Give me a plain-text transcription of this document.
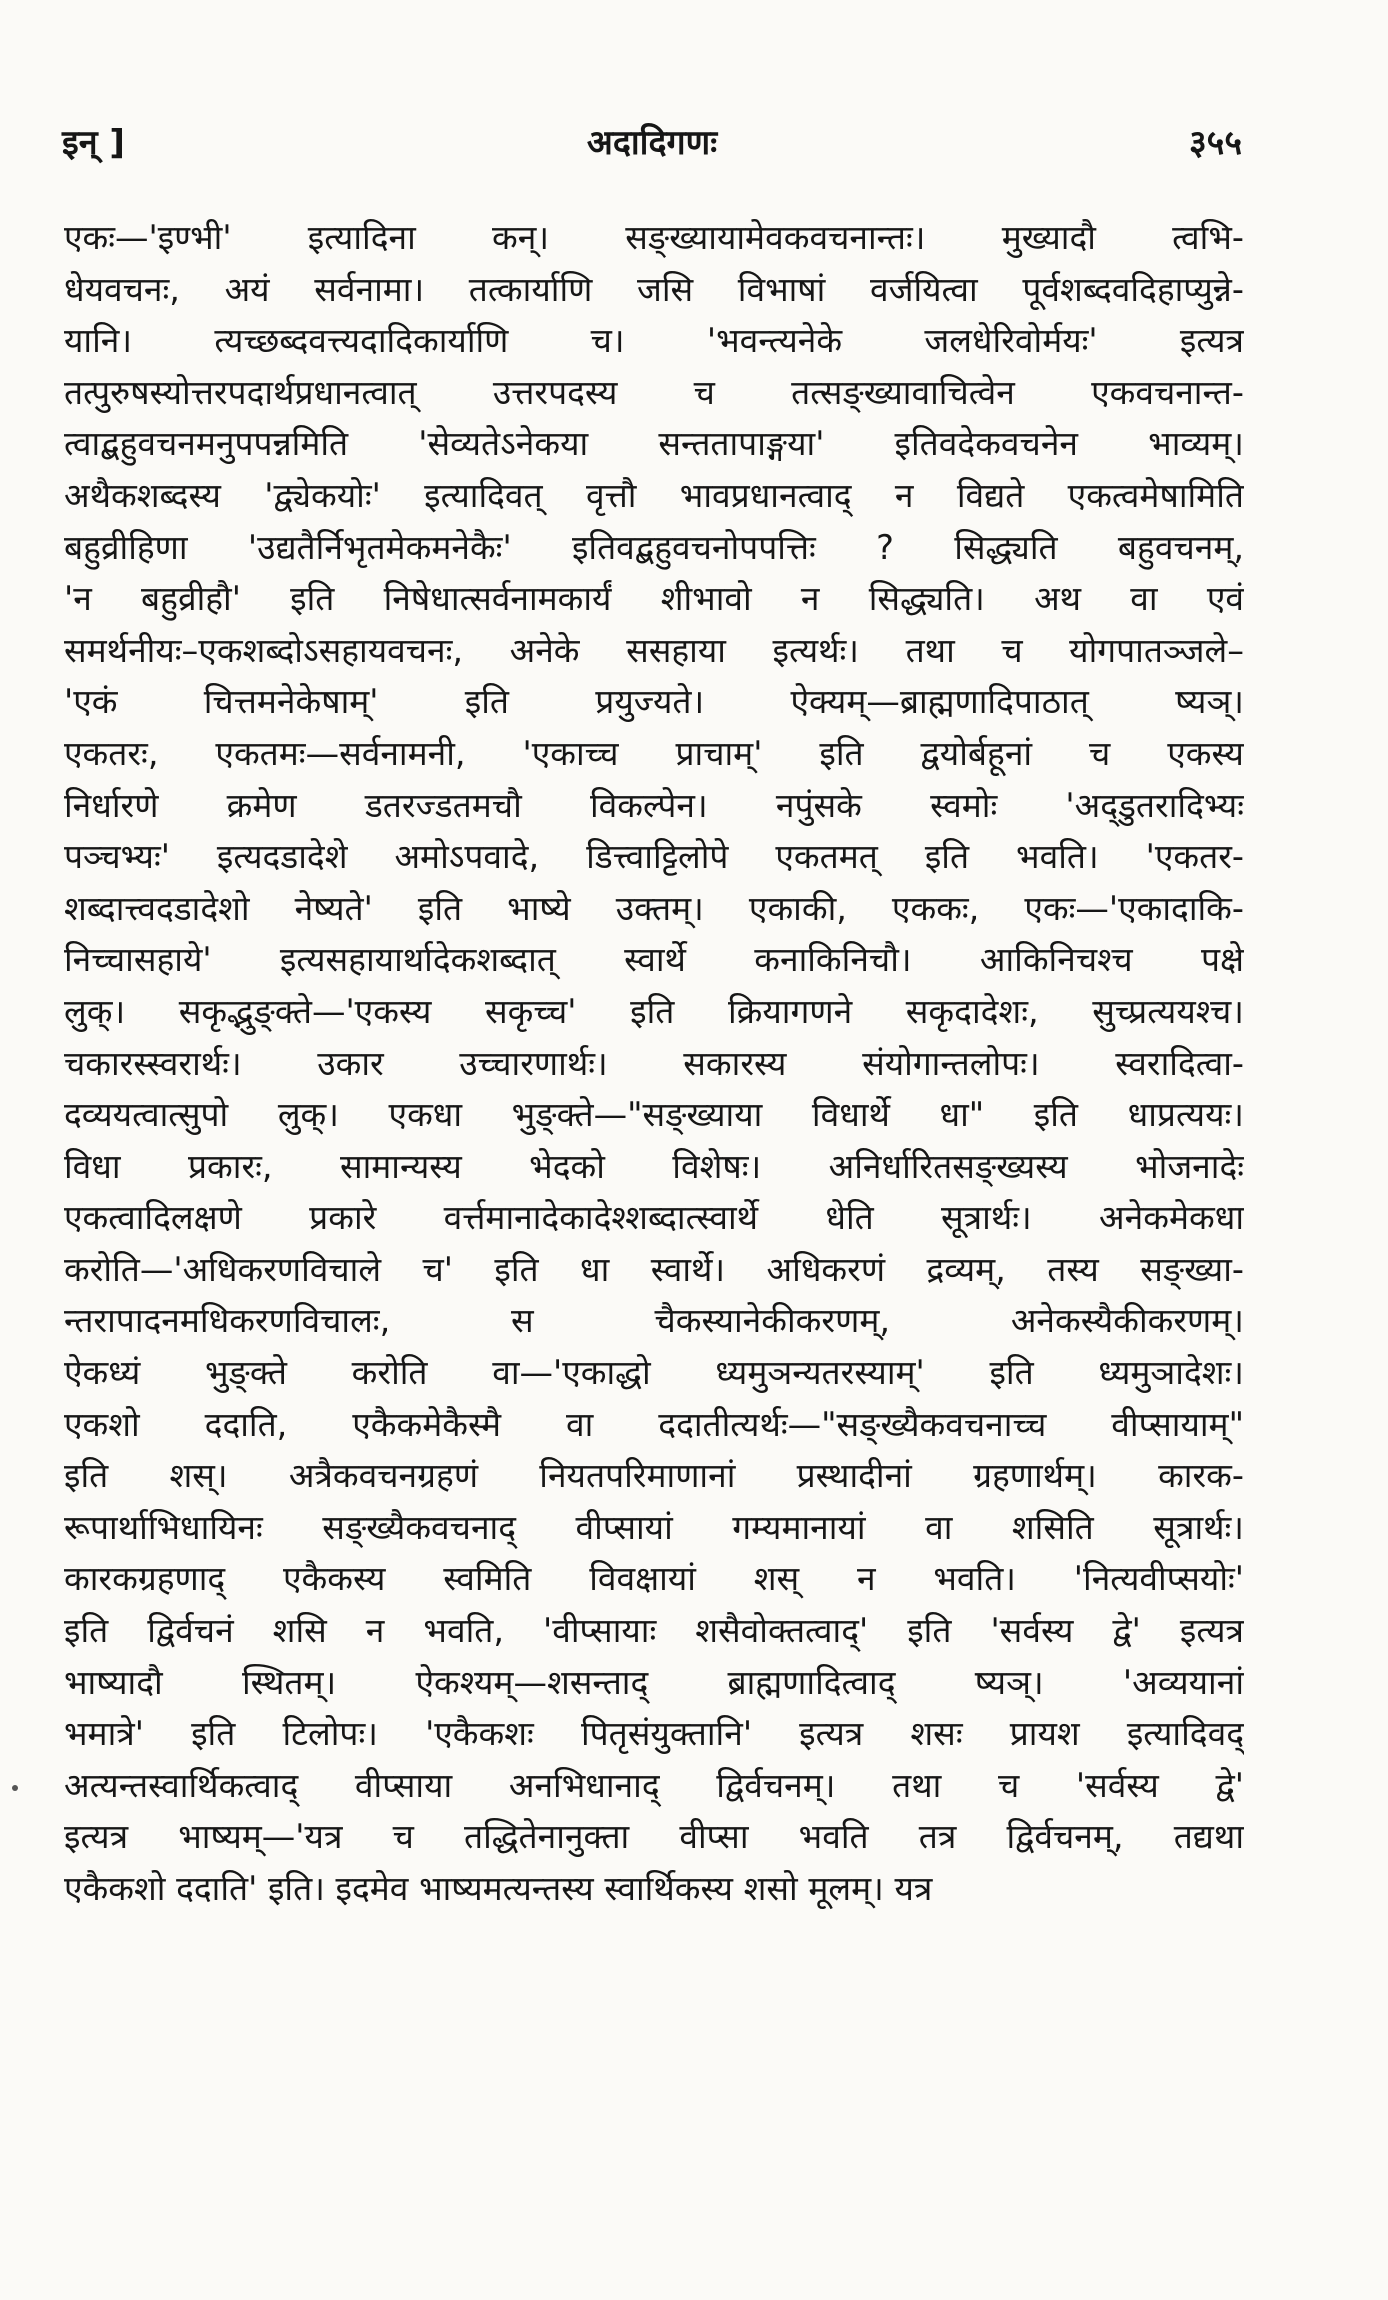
इन् ]	अदादिगणः	३५५
एकः—'इण्भी' इत्यादिना कन्। सङ्ख्यायामेवकवचनान्तः। मुख्यादौ त्वभि-
धेयवचनः, अयं सर्वनामा। तत्कार्याणि जसि विभाषां वर्जयित्वा पूर्वशब्दवदिहाप्युन्ने-
यानि। त्यच्छब्दवत्त्यदादिकार्याणि च। 'भवन्त्यनेके जलधेरिवोर्मयः' इत्यत्र
तत्पुरुषस्योत्तरपदार्थप्रधानत्वात् उत्तरपदस्य च तत्सङ्ख्यावाचित्वेन एकवचनान्त-
त्वाद्बहुवचनमनुपपन्नमिति 'सेव्यतेऽनेकया सन्ततापाङ्गया' इतिवदेकवचनेन भाव्यम्।
अथैकशब्दस्य 'द्व्येकयोः' इत्यादिवत् वृत्तौ भावप्रधानत्वाद् न विद्यते एकत्वमेषामिति
बहुव्रीहिणा 'उद्यतैर्निभृतमेकमनेकैः' इतिवद्बहुवचनोपपत्तिः ? सिद्ध्यति बहुवचनम्,
'न बहुव्रीहौ' इति निषेधात्सर्वनामकार्यं शीभावो न सिद्ध्यति। अथ वा एवं
समर्थनीयः–एकशब्दोऽसहायवचनः, अनेके ससहाया इत्यर्थः। तथा च योगपातञ्जले–
'एकं चित्तमनेकेषाम्' इति प्रयुज्यते। ऐक्यम्—ब्राह्मणादिपाठात् ष्यञ्।
एकतरः, एकतमः—सर्वनामनी, 'एकाच्च प्राचाम्' इति द्वयोर्बहूनां च एकस्य
निर्धारणे क्रमेण डतरज्डतमचौ विकल्पेन। नपुंसके स्वमोः 'अद्डुतरादिभ्यः
पञ्चभ्यः' इत्यदडादेशे अमोऽपवादे, डित्त्वाट्टिलोपे एकतमत् इति भवति। 'एकतर-
शब्दात्त्वदडादेशो नेष्यते' इति भाष्ये उक्तम्। एकाकी, एककः, एकः—'एकादाकि-
निच्चासहाये' इत्यसहायार्थादेकशब्दात् स्वार्थे कनाकिनिचौ। आकिनिचश्च पक्षे
लुक्। सकृद्भुङ्क्ते—'एकस्य सकृच्च' इति क्रियागणने सकृदादेशः, सुच्प्रत्ययश्च।
चकारस्स्वरार्थः। उकार उच्चारणार्थः। सकारस्य संयोगान्तलोपः। स्वरादित्वा-
दव्ययत्वात्सुपो लुक्। एकधा भुङ्क्ते—"सङ्ख्याया विधार्थे धा" इति धाप्रत्ययः।
विधा प्रकारः, सामान्यस्य भेदको विशेषः। अनिर्धारितसङ्ख्यस्य भोजनादेः
एकत्वादिलक्षणे प्रकारे वर्त्तमानादेकादेश्शब्दात्स्वार्थे धेति सूत्रार्थः। अनेकमेकधा
करोति—'अधिकरणविचाले च' इति धा स्वार्थे। अधिकरणं द्रव्यम्, तस्य सङ्ख्या-
न्तरापादनमधिकरणविचालः, स चैकस्यानेकीकरणम्, अनेकस्यैकीकरणम्।
ऐकध्यं भुङ्क्ते करोति वा—'एकाद्धो ध्यमुञन्यतरस्याम्' इति ध्यमुञादेशः।
एकशो ददाति, एकैकमेकैस्मै वा ददातीत्यर्थः—"सङ्ख्यैकवचनाच्च वीप्सायाम्"
इति शस्। अत्रैकवचनग्रहणं नियतपरिमाणानां प्रस्थादीनां ग्रहणार्थम्। कारक-
रूपार्थाभिधायिनः सङ्ख्यैकवचनाद् वीप्सायां गम्यमानायां वा शसिति सूत्रार्थः।
कारकग्रहणाद् एकैकस्य स्वमिति विवक्षायां शस् न भवति। 'नित्यवीप्सयोः'
इति द्विर्वचनं शसि न भवति, 'वीप्सायाः शसैवोक्तत्वाद्' इति 'सर्वस्य द्वे' इत्यत्र
भाष्यादौ स्थितम्। ऐकश्यम्—शसन्ताद् ब्राह्मणादित्वाद् ष्यञ्। 'अव्ययानां
भमात्रे' इति टिलोपः। 'एकैकशः पितृसंयुक्तानि' इत्यत्र शसः प्रायश इत्यादिवद्
अत्यन्तस्वार्थिकत्वाद् वीप्साया अनभिधानाद् द्विर्वचनम्। तथा च 'सर्वस्य द्वे'
इत्यत्र भाष्यम्—'यत्र च तद्धितेनानुक्ता वीप्सा भवति तत्र द्विर्वचनम्, तद्यथा
एकैकशो ददाति' इति। इदमेव भाष्यमत्यन्तस्य स्वार्थिकस्य शसो मूलम्। यत्र
